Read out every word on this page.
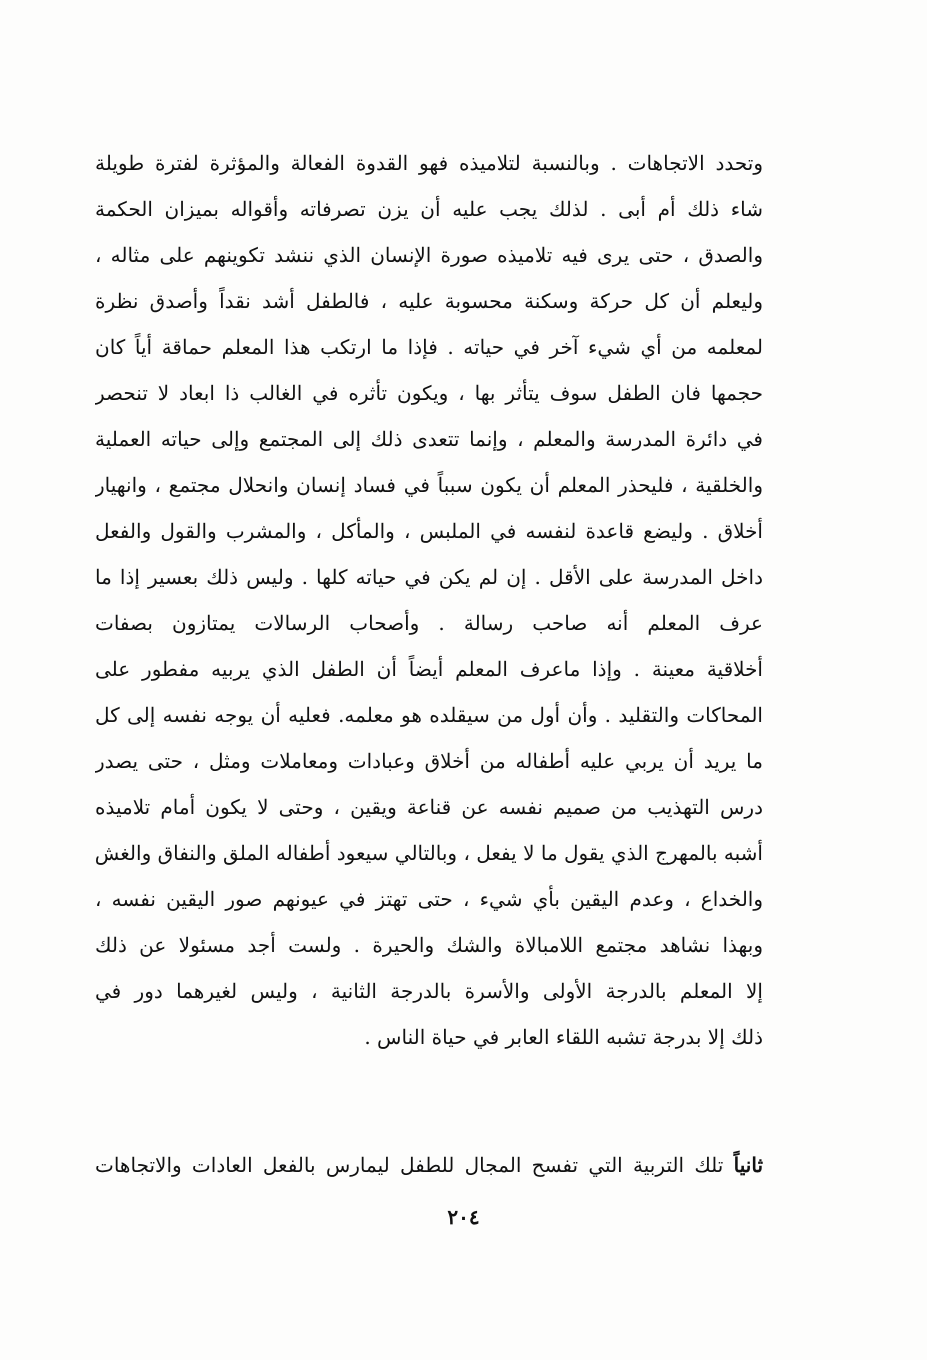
وتحدد الاتجاهات . وبالنسبة لتلاميذه فهو القدوة الفعالة والمؤثرة لفترة طويلة
شاء ذلك أم أبى . لذلك يجب عليه أن يزن تصرفاته وأقواله بميزان الحكمة
والصدق ، حتى يرى فيه تلاميذه صورة الإنسان الذي ننشد تكوينهم على مثاله ،
وليعلم أن كل حركة وسكنة محسوبة عليه ، فالطفل أشد نقداً وأصدق نظرة
لمعلمه من أي شيء آخر في حياته . فإذا ما ارتكب هذا المعلم حماقة أياً كان
حجمها فان الطفل سوف يتأثر بها ، ويكون تأثره في الغالب ذا ابعاد لا تنحصر
في دائرة المدرسة والمعلم ، وإنما تتعدى ذلك إلى المجتمع وإلى حياته العملية
والخلقية ، فليحذر المعلم أن يكون سبباً في فساد إنسان وانحلال مجتمع ، وانهيار
أخلاق . وليضع قاعدة لنفسه في الملبس ، والمأكل ، والمشرب والقول والفعل
داخل المدرسة على الأقل . إن لم يكن في حياته كلها . وليس ذلك بعسير إذا ما
عرف المعلم أنه صاحب رسالة . وأصحاب الرسالات يمتازون بصفات
أخلاقية معينة . وإذا ماعرف المعلم أيضاً أن الطفل الذي يربيه مفطور على
المحاكات والتقليد . وأن أول من سيقلده هو معلمه. فعليه أن يوجه نفسه إلى كل
ما يريد أن يربي عليه أطفاله من أخلاق وعبادات ومعاملات ومثل ، حتى يصدر
درس التهذيب من صميم نفسه عن قناعة ويقين ، وحتى لا يكون أمام تلاميذه
أشبه بالمهرج الذي يقول ما لا يفعل ، وبالتالي سيعود أطفاله الملق والنفاق والغش
والخداع ، وعدم اليقين بأي شيء ، حتى تهتز في عيونهم صور اليقين نفسه ،
وبهذا نشاهد مجتمع اللامبالاة والشك والحيرة . ولست أجد مسئولا عن ذلك
إلا المعلم بالدرجة الأولى والأسرة بالدرجة الثانية ، وليس لغيرهما دور في
ذلك إلا بدرجة تشبه اللقاء العابر في حياة الناس .
ثانياً تلك التربية التي تفسح المجال للطفل ليمارس بالفعل العادات والاتجاهات
٢٠٤
